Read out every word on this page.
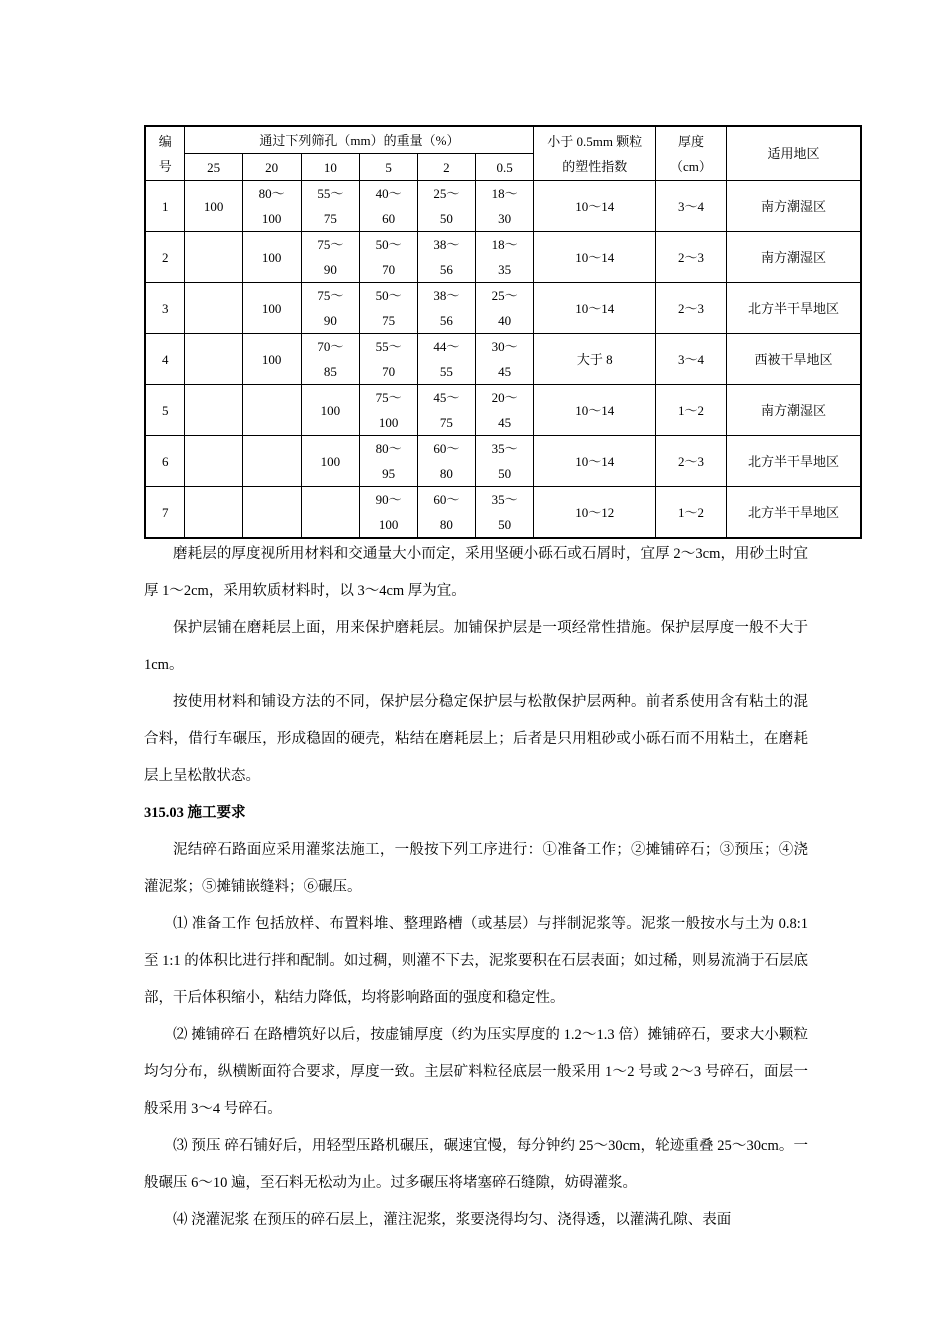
编号	通过下列筛孔（mm）的重量（%）						小于 0.5mm 颗粒的塑性指数	厚度（cm）	适用地区
	25	20	10	5	2	0.5			
1	100	80～100	55～75	40～60	25～50	18～30	10～14	3～4	南方潮湿区
2		100	75～90	50～70	38～56	18～35	10～14	2～3	南方潮湿区
3		100	75～90	50～75	38～56	25～40	10～14	2～3	北方半干旱地区
4		100	70～85	55～70	44～55	30～45	大于 8	3～4	西被干旱地区
5			100	75～100	45～75	20～45	10～14	1～2	南方潮湿区
6			100	80～95	60～80	35～50	10～14	2～3	北方半干旱地区
7				90～100	60～80	35～50	10～12	1～2	北方半干旱地区

磨耗层的厚度视所用材料和交通量大小而定，采用坚硬小砾石或石屑时，宜厚 2～3cm，用砂土时宜厚 1～2cm，采用软质材料时，以 3～4cm 厚为宜。

保护层铺在磨耗层上面，用来保护磨耗层。加铺保护层是一项经常性措施。保护层厚度一般不大于 1cm。

按使用材料和铺设方法的不同，保护层分稳定保护层与松散保护层两种。前者系使用含有粘土的混合料，借行车碾压，形成稳固的硬壳，粘结在磨耗层上；后者是只用粗砂或小砾石而不用粘土，在磨耗层上呈松散状态。

315.03 施工要求

泥结碎石路面应采用灌浆法施工，一般按下列工序进行：①准备工作；②摊铺碎石；③预压；④浇灌泥浆；⑤摊铺嵌缝料；⑥碾压。

⑴ 准备工作 包括放样、布置料堆、整理路槽（或基层）与拌制泥浆等。泥浆一般按水与土为 0.8:1 至 1:1 的体积比进行拌和配制。如过稠，则灌不下去，泥浆要积在石层表面；如过稀，则易流淌于石层底部，干后体积缩小，粘结力降低，均将影响路面的强度和稳定性。

⑵ 摊铺碎石 在路槽筑好以后，按虚铺厚度（约为压实厚度的 1.2～1.3 倍）摊铺碎石，要求大小颗粒均匀分布，纵横断面符合要求，厚度一致。主层矿料粒径底层一般采用 1～2 号或 2～3 号碎石，面层一般采用 3～4 号碎石。

⑶ 预压 碎石铺好后，用轻型压路机碾压，碾速宜慢，每分钟约 25～30cm，轮迹重叠 25～30cm。一般碾压 6～10 遍，至石料无松动为止。过多碾压将堵塞碎石缝隙，妨碍灌浆。

⑷ 浇灌泥浆 在预压的碎石层上，灌注泥浆，浆要浇得均匀、浇得透，以灌满孔隙、表面
